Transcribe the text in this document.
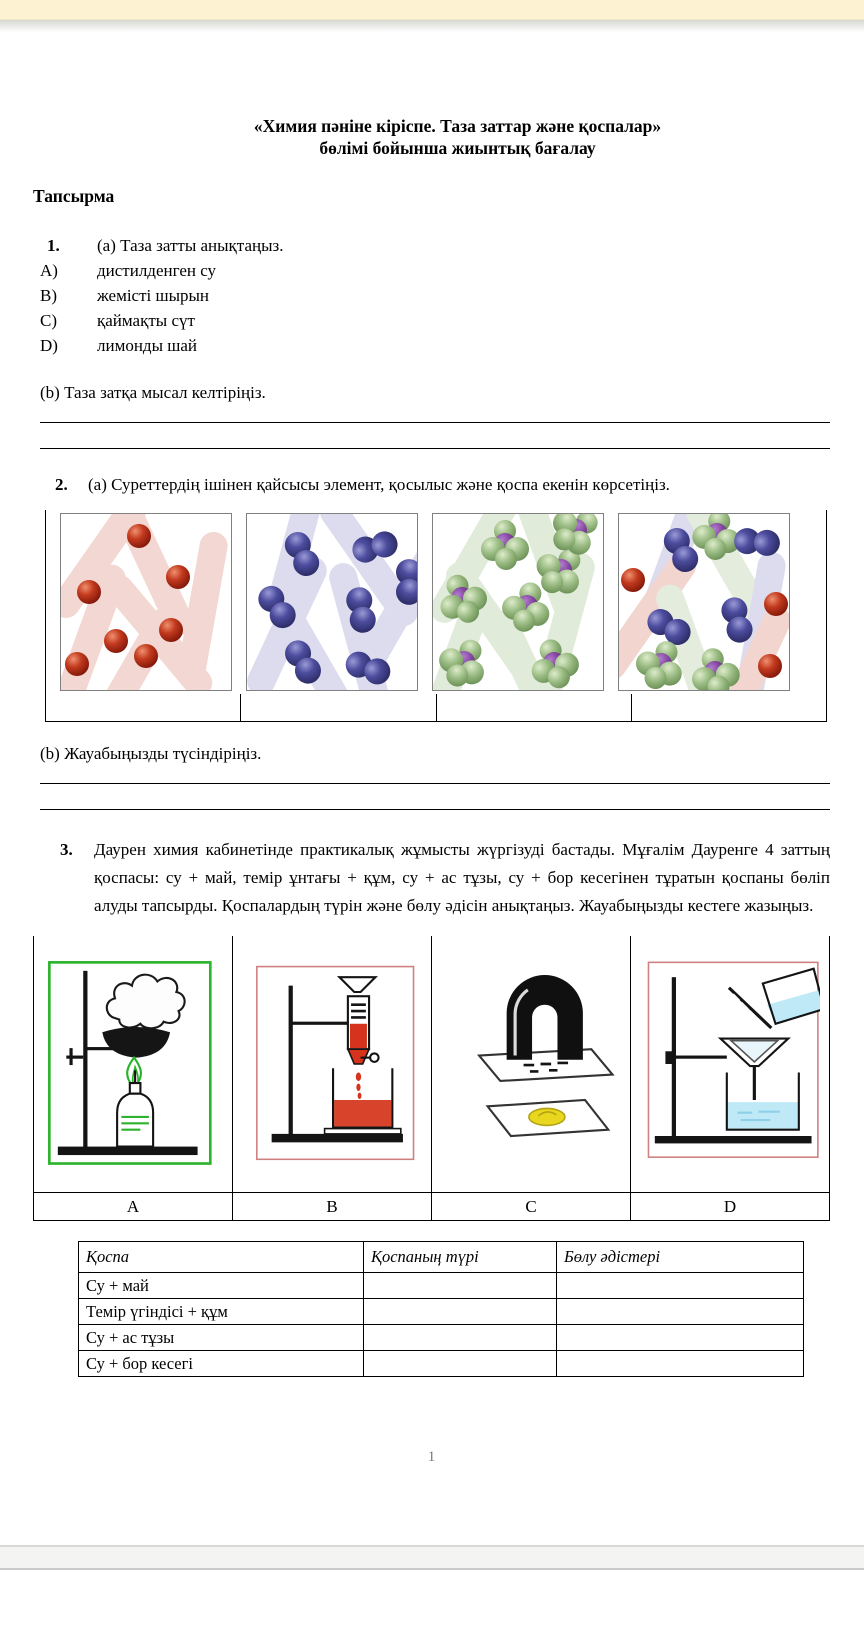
«Химия пәніне кіріспе. Таза заттар және қоспалар»
бөлімі бойынша жиынтық бағалау
Тапсырма
1.	(a) Таза затты анықтаңыз.
A)	дистилденген су
B)	жемісті шырын
C)	қаймақты сүт
D)	лимонды шай
(b) Таза затқа мысал келтіріңіз.
2.	(a) Суреттердің ішінен қайсысы элемент, қосылыс және қоспа екенін көрсетіңіз.
(b) Жауабыңызды түсіндіріңіз.
3.	Даурен химия кабинетінде практикалық жұмысты жүргізуді бастады. Мұғалім Дауренге 4 заттың қоспасы: су + май, темір ұнтағы + құм, су + ас тұзы, су + бор кесегінен тұратын қоспаны бөліп алуды тапсырды. Қоспалардың түрін және бөлу әдісін анықтаңыз. Жауабыңызды кестеге жазыңыз.

A	B	C	D
Қоспа	Қоспаның түрі	Бөлу әдістері
Су + май		
Темір үгіндісі + құм		
Су + ас тұзы		
Су + бор кесегі		
1
